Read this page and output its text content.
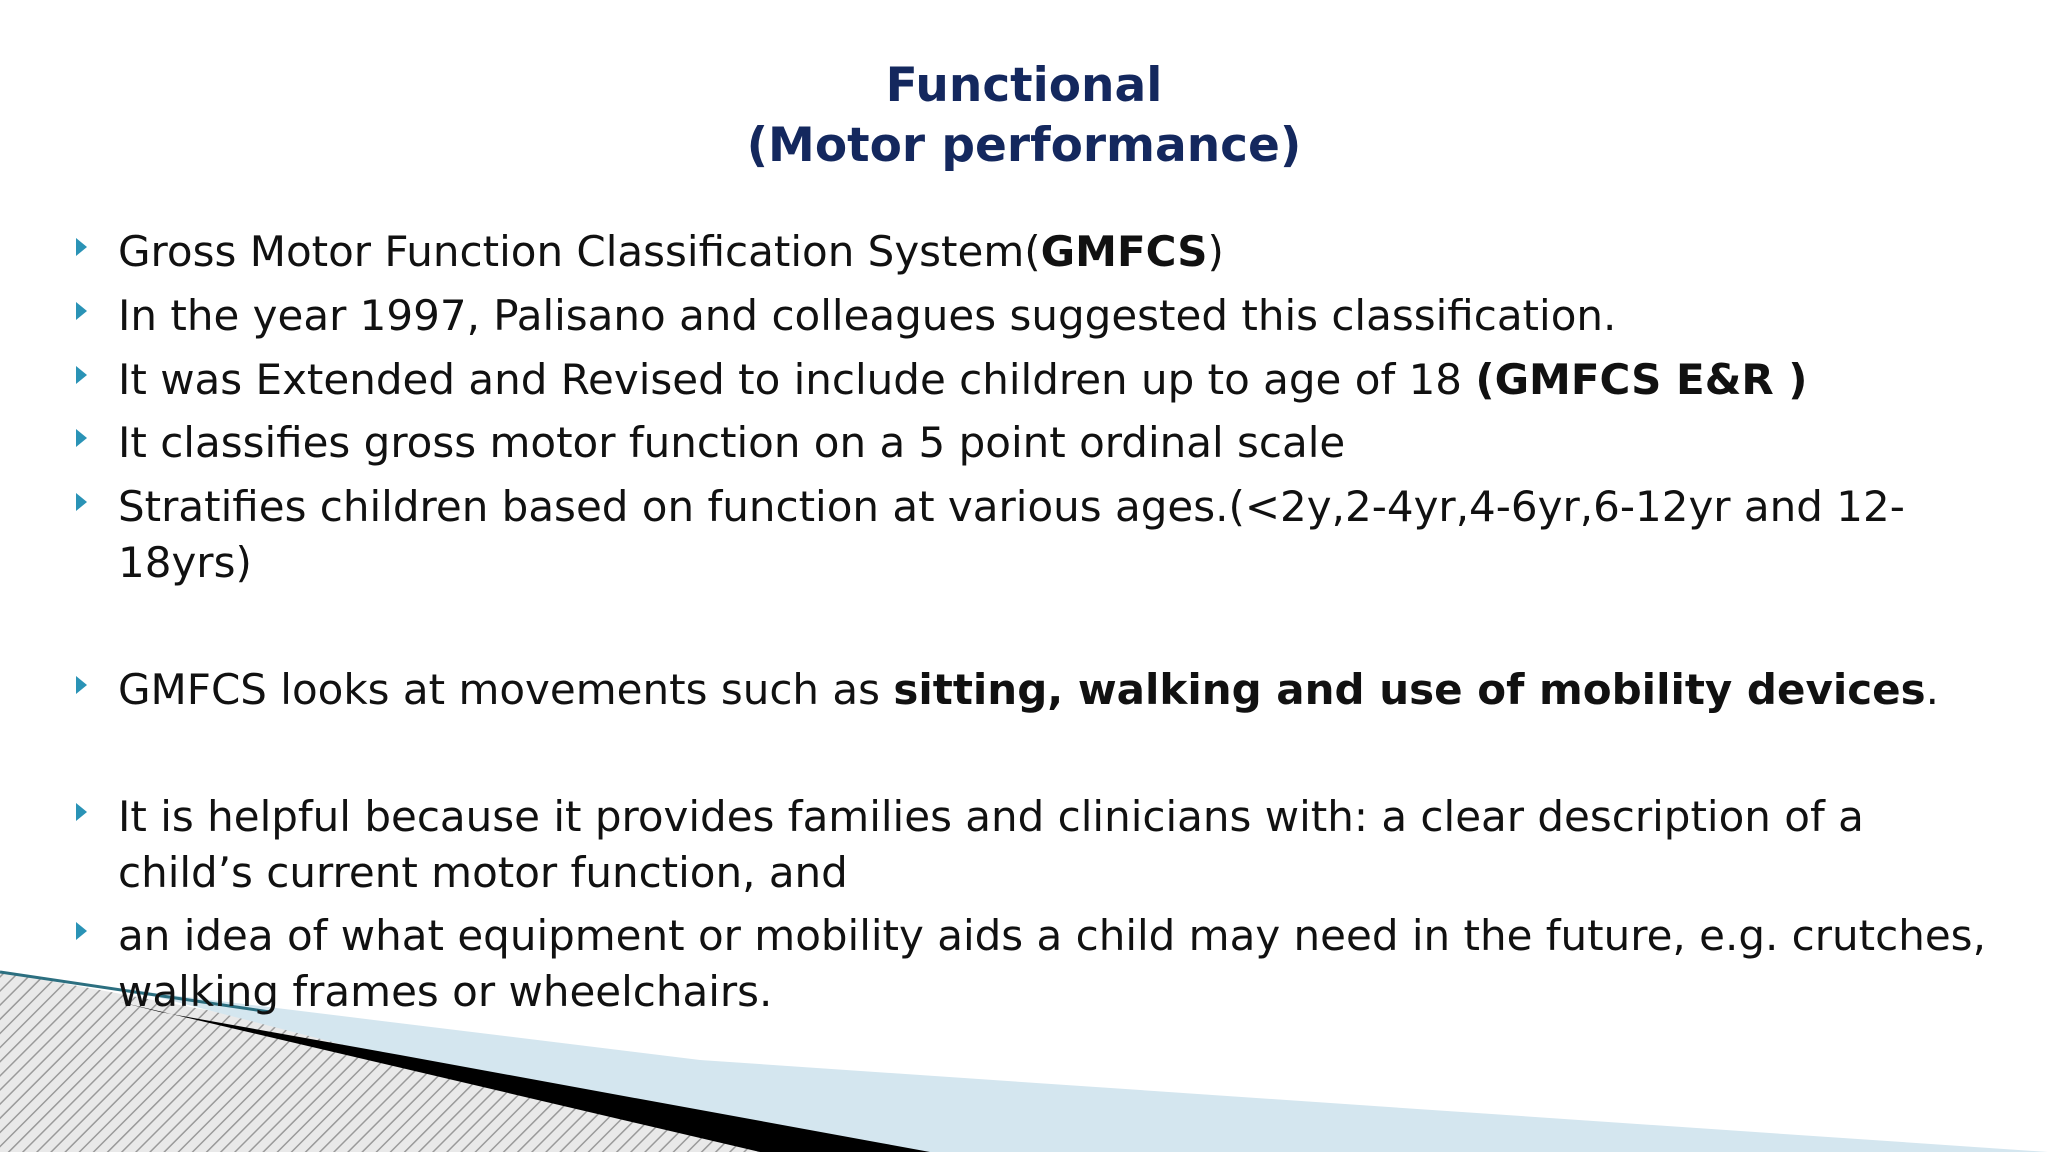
Functional
(Motor performance)
Gross Motor Function Classification System(GMFCS)
In the year 1997, Palisano and colleagues suggested this classification.
It was Extended and Revised to include children up to age of 18 (GMFCS E&R )
It classifies gross motor function on a 5 point ordinal scale
Stratifies children based on function at various ages.(<2y,2-4yr,4-6yr,6-12yr and 12-18yrs)
GMFCS looks at movements such as sitting, walking and use of mobility devices.
It is helpful because it provides families and clinicians with: a clear description of a child’s current motor function, and
an idea of what equipment or mobility aids a child may need in the future, e.g. crutches, walking frames or wheelchairs.
